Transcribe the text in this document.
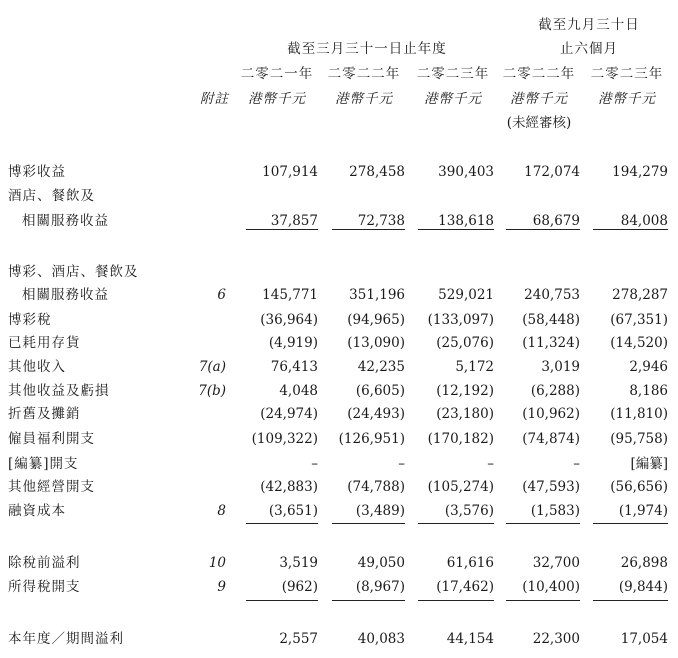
截至九月三十日
止六個月
截至三月三十一日止年度
二零二一年	二零二二年	二零二三年	二零二二年	二零二三年
附註	港幣千元	港幣千元	港幣千元	港幣千元	港幣千元
(未經審核)
博彩收益	107,914	278,458	390,403	172,074	194,279
酒店、餐飲及
相關服務收益	37,857	72,738	138,618	68,679	84,008
博彩、酒店、餐飲及
相關服務收益	6	145,771	351,196	529,021	240,753	278,287
博彩稅	(36,964)	(94,965)	(133,097)	(58,448)	(67,351)
已耗用存貨	(4,919)	(13,090)	(25,076)	(11,324)	(14,520)
其他收入	7(a)	76,413	42,235	5,172	3,019	2,946
其他收益及虧損	7(b)	4,048	(6,605)	(12,192)	(6,288)	8,186
折舊及攤銷	(24,974)	(24,493)	(23,180)	(10,962)	(11,810)
僱員福利開支	(109,322)	(126,951)	(170,182)	(74,874)	(95,758)
[編纂]開支	–	–	–	–	[編纂]
其他經營開支	(42,883)	(74,788)	(105,274)	(47,593)	(56,656)
融資成本	8	(3,651)	(3,489)	(3,576)	(1,583)	(1,974)
除稅前溢利	10	3,519	49,050	61,616	32,700	26,898
所得稅開支	9	(962)	(8,967)	(17,462)	(10,400)	(9,844)
本年度／期間溢利	2,557	40,083	44,154	22,300	17,054
